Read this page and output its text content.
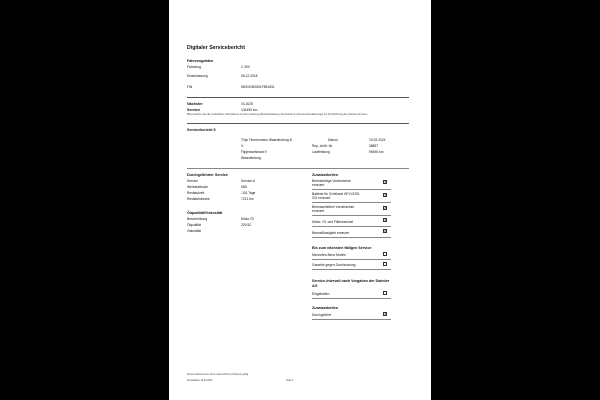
Digitaler Servicebericht
Fahrzeugdaten
Fahrzeug	C 300
Erstzulassung	06.12.2018
FIN	WDD2052831F851831
Nächster	03.2025
Service	134490 km
Bitte beachten Sie die zusätzlichen Informationen in Ihrem Fahrzeug (Betriebsanleitung, Serviceheft und Serviceintervallanzeige) zur Durchführung des nächsten Services.
Servicebericht 5
Thijs Timmermans Waardenburg B.
V.
Flipjesweistraat 9
Waardenburg
Datum	19.03.2024
Rep.-Auftr.-Nr.	38657
Laufleistung	99490 km
Durchgeführter Service
Service	Service A
Werkstattcode	06D
Restlaufzeit	-116 Tage
Restlaufstrecke	7221 km
Ölqualität/Viskosität
Beschreibung	Motor Öl
Ölqualität	229.52
Viskosität
Zusatzarbeiten
Bremsbeläge Vorderachse
erneuert
✔
Batterie für Schlüssel KEYLESS-
GO erneuert
✔
Bremsscheiben Vorderachse
erneuert
✔
Motor: Öl- und Filterwechsel	✔
Bremsflüssigkeit erneuert	✔
Bis zum nächsten fälligen Service
Mercedes-Benz Mobilo
Garantie gegen Durchrostung
Service-Intervall nach Vorgaben der Daimler
AG
Eingehalten
Zusatzarbeiten
Durchgeführt	✔
Dieses Dokument ist ohne Unterschrift und Stempel gültig.
Druckdatum 19.03.2024	Seite 1
